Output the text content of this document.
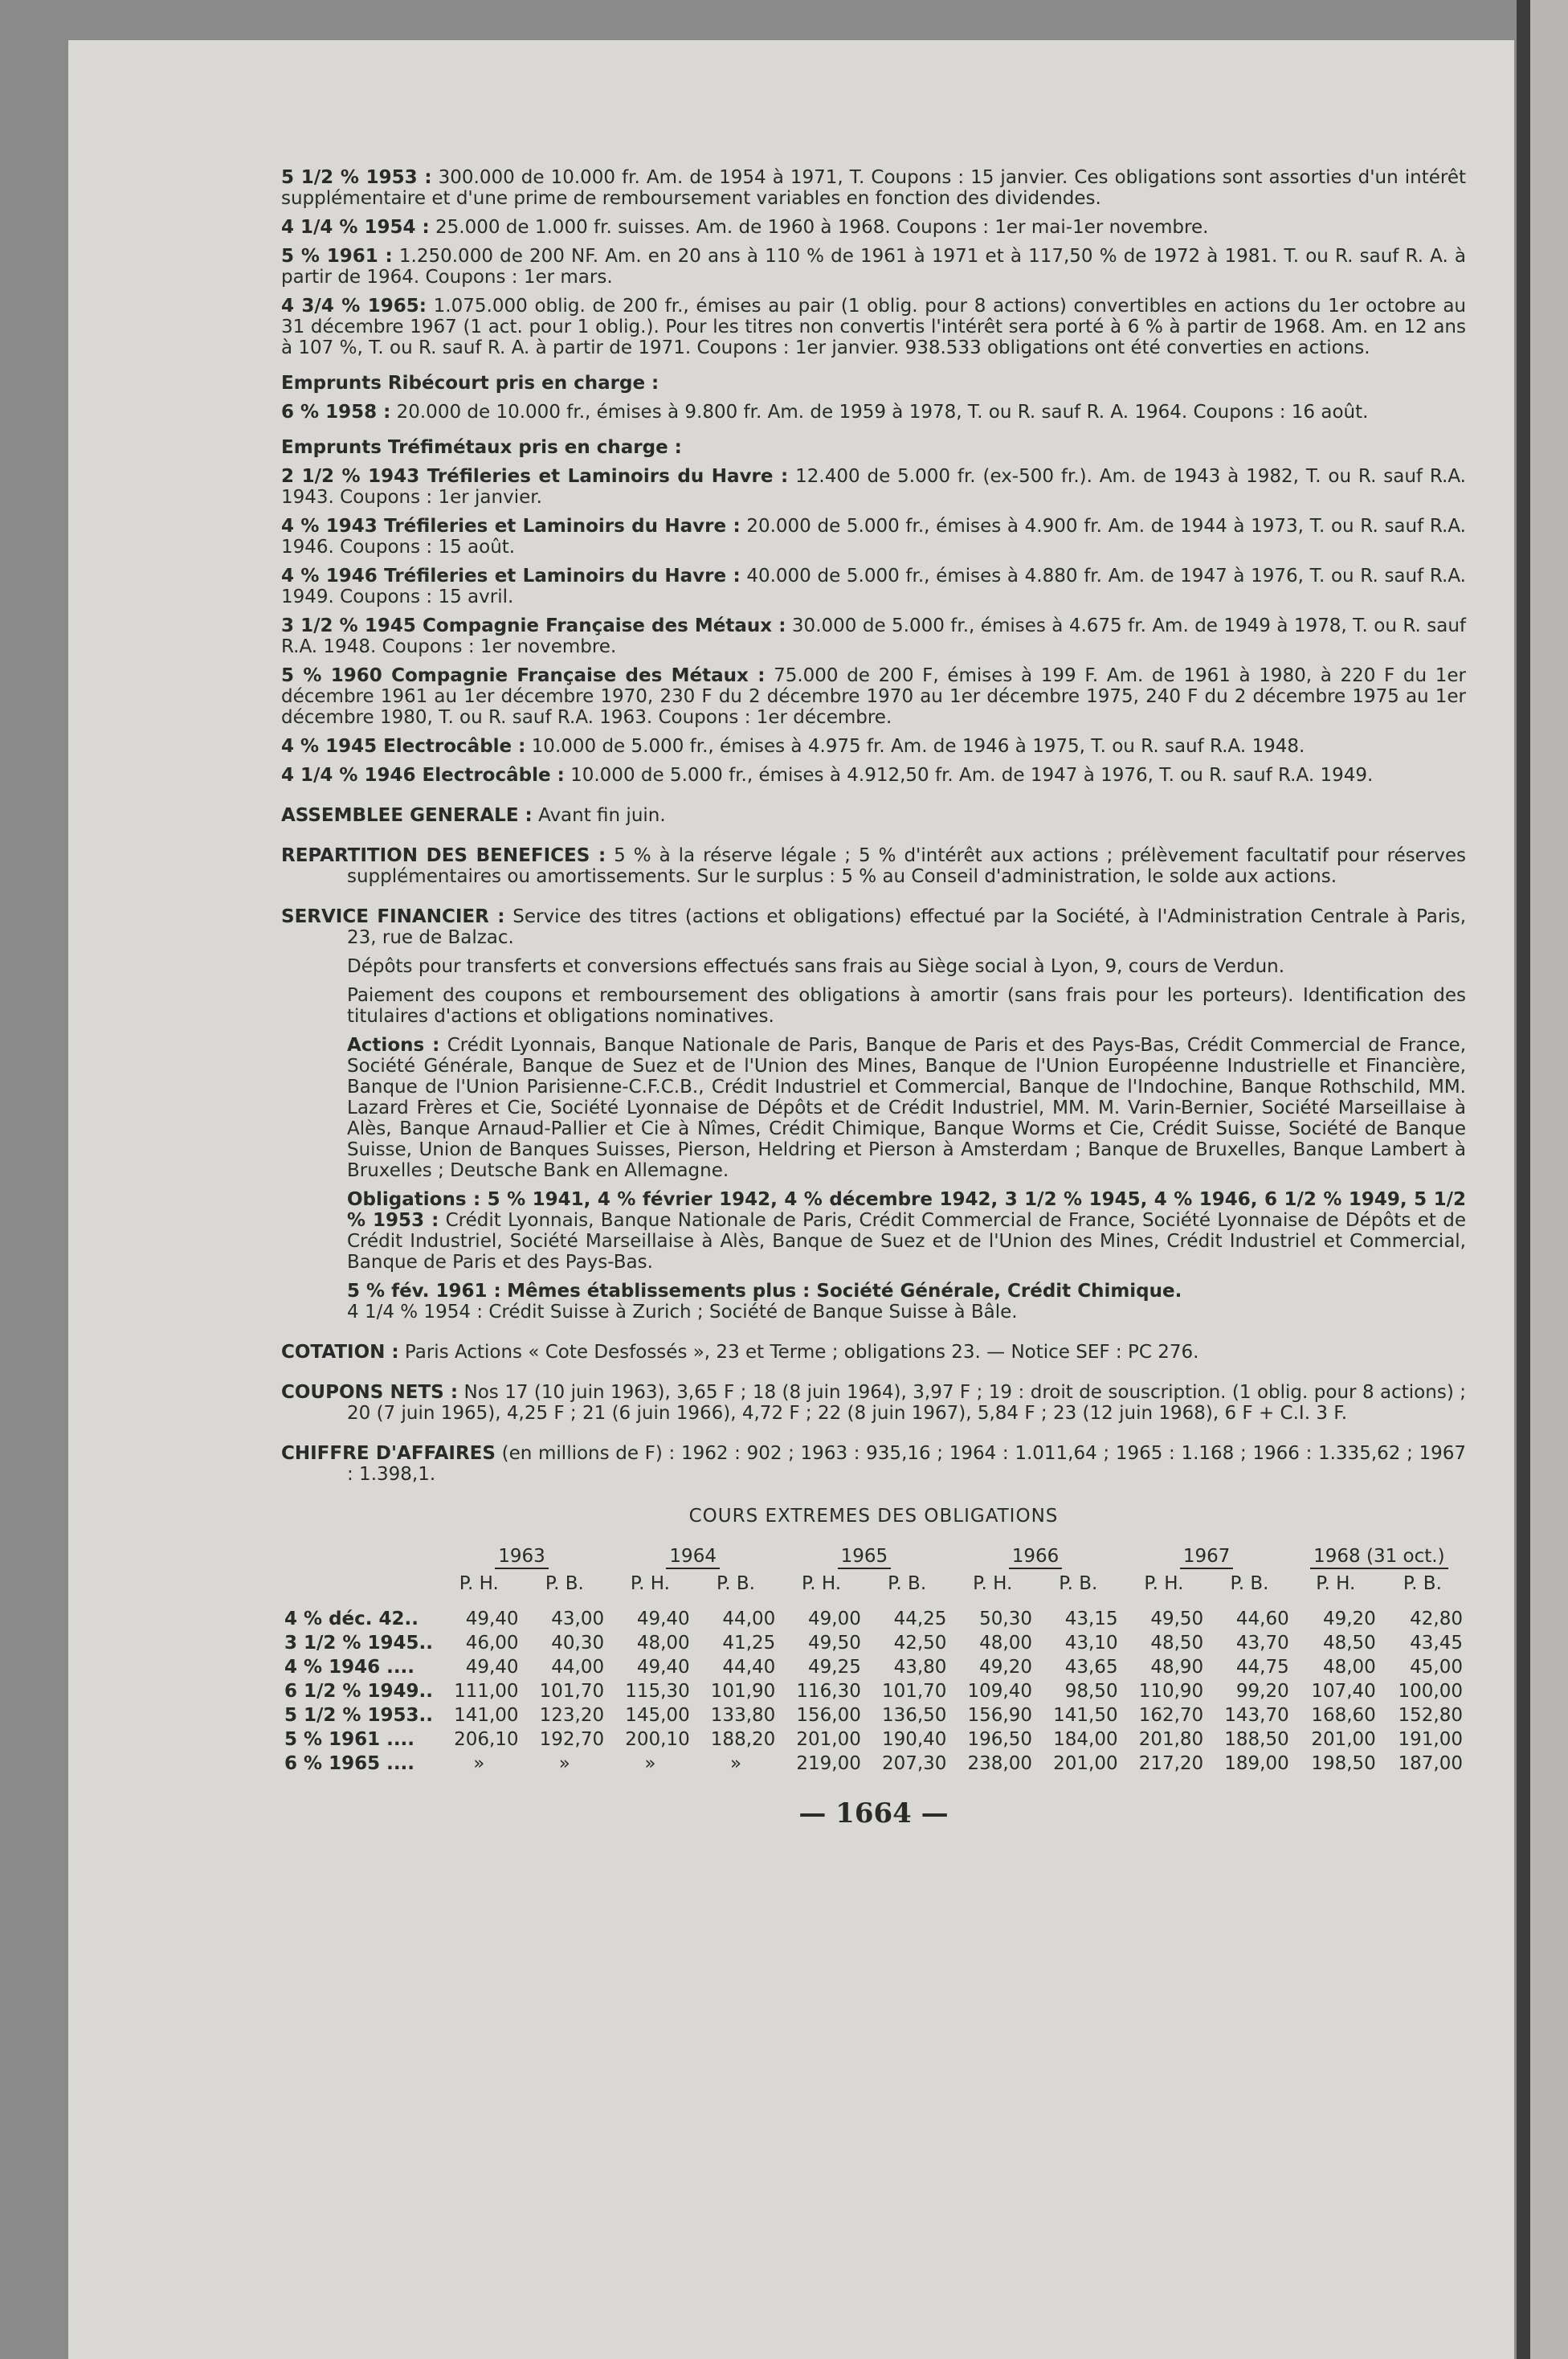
5 1/2 % 1953 : 300.000 de 10.000 fr. Am. de 1954 à 1971, T. Coupons : 15 janvier. Ces obligations sont assorties d'un intérêt supplémentaire et d'une prime de remboursement variables en fonction des dividendes.

4 1/4 % 1954 : 25.000 de 1.000 fr. suisses. Am. de 1960 à 1968. Coupons : 1er mai-1er novembre.

5 % 1961 : 1.250.000 de 200 NF. Am. en 20 ans à 110 % de 1961 à 1971 et à 117,50 % de 1972 à 1981. T. ou R. sauf R. A. à partir de 1964. Coupons : 1er mars.

4 3/4 % 1965: 1.075.000 oblig. de 200 fr., émises au pair (1 oblig. pour 8 actions) convertibles en actions du 1er octobre au 31 décembre 1967 (1 act. pour 1 oblig.). Pour les titres non convertis l'intérêt sera porté à 6 % à partir de 1968. Am. en 12 ans à 107 %, T. ou R. sauf R. A. à partir de 1971. Coupons : 1er janvier. 938.533 obligations ont été converties en actions.

Emprunts Ribécourt pris en charge :

6 % 1958 : 20.000 de 10.000 fr., émises à 9.800 fr. Am. de 1959 à 1978, T. ou R. sauf R. A. 1964. Coupons : 16 août.

Emprunts Tréfimétaux pris en charge :

2 1/2 % 1943 Tréfileries et Laminoirs du Havre : 12.400 de 5.000 fr. (ex-500 fr.). Am. de 1943 à 1982, T. ou R. sauf R.A. 1943. Coupons : 1er janvier.

4 % 1943 Tréfileries et Laminoirs du Havre : 20.000 de 5.000 fr., émises à 4.900 fr. Am. de 1944 à 1973, T. ou R. sauf R.A. 1946. Coupons : 15 août.

4 % 1946 Tréfileries et Laminoirs du Havre : 40.000 de 5.000 fr., émises à 4.880 fr. Am. de 1947 à 1976, T. ou R. sauf R.A. 1949. Coupons : 15 avril.

3 1/2 % 1945 Compagnie Française des Métaux : 30.000 de 5.000 fr., émises à 4.675 fr. Am. de 1949 à 1978, T. ou R. sauf R.A. 1948. Coupons : 1er novembre.

5 % 1960 Compagnie Française des Métaux : 75.000 de 200 F, émises à 199 F. Am. de 1961 à 1980, à 220 F du 1er décembre 1961 au 1er décembre 1970, 230 F du 2 décembre 1970 au 1er décembre 1975, 240 F du 2 décembre 1975 au 1er décembre 1980, T. ou R. sauf R.A. 1963. Coupons : 1er décembre.

4 % 1945 Electrocâble : 10.000 de 5.000 fr., émises à 4.975 fr. Am. de 1946 à 1975, T. ou R. sauf R.A. 1948.

4 1/4 % 1946 Electrocâble : 10.000 de 5.000 fr., émises à 4.912,50 fr. Am. de 1947 à 1976, T. ou R. sauf R.A. 1949.

ASSEMBLEE GENERALE : Avant fin juin.

REPARTITION DES BENEFICES : 5 % à la réserve légale ; 5 % d'intérêt aux actions ; prélèvement facultatif pour réserves supplémentaires ou amortissements. Sur le surplus : 5 % au Conseil d'administration, le solde aux actions.

SERVICE FINANCIER : Service des titres (actions et obligations) effectué par la Société, à l'Administration Centrale à Paris, 23, rue de Balzac.

Dépôts pour transferts et conversions effectués sans frais au Siège social à Lyon, 9, cours de Verdun.

Paiement des coupons et remboursement des obligations à amortir (sans frais pour les porteurs). Identification des titulaires d'actions et obligations nominatives.

Actions : Crédit Lyonnais, Banque Nationale de Paris, Banque de Paris et des Pays-Bas, Crédit Commercial de France, Société Générale, Banque de Suez et de l'Union des Mines, Banque de l'Union Européenne Industrielle et Financière, Banque de l'Union Parisienne-C.F.C.B., Crédit Industriel et Commercial, Banque de l'Indochine, Banque Rothschild, MM. Lazard Frères et Cie, Société Lyonnaise de Dépôts et de Crédit Industriel, MM. M. Varin-Bernier, Société Marseillaise à Alès, Banque Arnaud-Pallier et Cie à Nîmes, Crédit Chimique, Banque Worms et Cie, Crédit Suisse, Société de Banque Suisse, Union de Banques Suisses, Pierson, Heldring et Pierson à Amsterdam ; Banque de Bruxelles, Banque Lambert à Bruxelles ; Deutsche Bank en Allemagne.

Obligations : 5 % 1941, 4 % février 1942, 4 % décembre 1942, 3 1/2 % 1945, 4 % 1946, 6 1/2 % 1949, 5 1/2 % 1953 : Crédit Lyonnais, Banque Nationale de Paris, Crédit Commercial de France, Société Lyonnaise de Dépôts et de Crédit Industriel, Société Marseillaise à Alès, Banque de Suez et de l'Union des Mines, Crédit Industriel et Commercial, Banque de Paris et des Pays-Bas.

5 % fév. 1961 : Mêmes établissements plus : Société Générale, Crédit Chimique.

4 1/4 % 1954 : Crédit Suisse à Zurich ; Société de Banque Suisse à Bâle.

COTATION : Paris Actions « Cote Desfossés », 23 et Terme ; obligations 23. — Notice SEF : PC 276.

COUPONS NETS : Nos 17 (10 juin 1963), 3,65 F ; 18 (8 juin 1964), 3,97 F ; 19 : droit de souscription. (1 oblig. pour 8 actions) ; 20 (7 juin 1965), 4,25 F ; 21 (6 juin 1966), 4,72 F ; 22 (8 juin 1967), 5,84 F ; 23 (12 juin 1968), 6 F + C.I. 3 F.

CHIFFRE D'AFFAIRES (en millions de F) : 1962 : 902 ; 1963 : 935,16 ; 1964 : 1.011,64 ; 1965 : 1.168 ; 1966 : 1.335,62 ; 1967 : 1.398,1.

COURS EXTREMES DES OBLIGATIONS
	1963		1964		1965		1966		1967		1968 (31 oct.)	
	P. H.	P. B.	P. H.	P. B.	P. H.	P. B.	P. H.	P. B.	P. H.	P. B.	P. H.	P. B.

4 % déc. 42..	49,40	43,00	49,40	44,00	49,00	44,25	50,30	43,15	49,50	44,60	49,20	42,80
3 1/2 % 1945..	46,00	40,30	48,00	41,25	49,50	42,50	48,00	43,10	48,50	43,70	48,50	43,45
4 % 1946 ....	49,40	44,00	49,40	44,40	49,25	43,80	49,20	43,65	48,90	44,75	48,00	45,00
6 1/2 % 1949..	111,00	101,70	115,30	101,90	116,30	101,70	109,40	98,50	110,90	99,20	107,40	100,00
5 1/2 % 1953..	141,00	123,20	145,00	133,80	156,00	136,50	156,90	141,50	162,70	143,70	168,60	152,80
5 % 1961 ....	206,10	192,70	200,10	188,20	201,00	190,40	196,50	184,00	201,80	188,50	201,00	191,00
6 % 1965 ....	»	»	»	»	219,00	207,30	238,00	201,00	217,20	189,00	198,50	187,00
— 1664 —
